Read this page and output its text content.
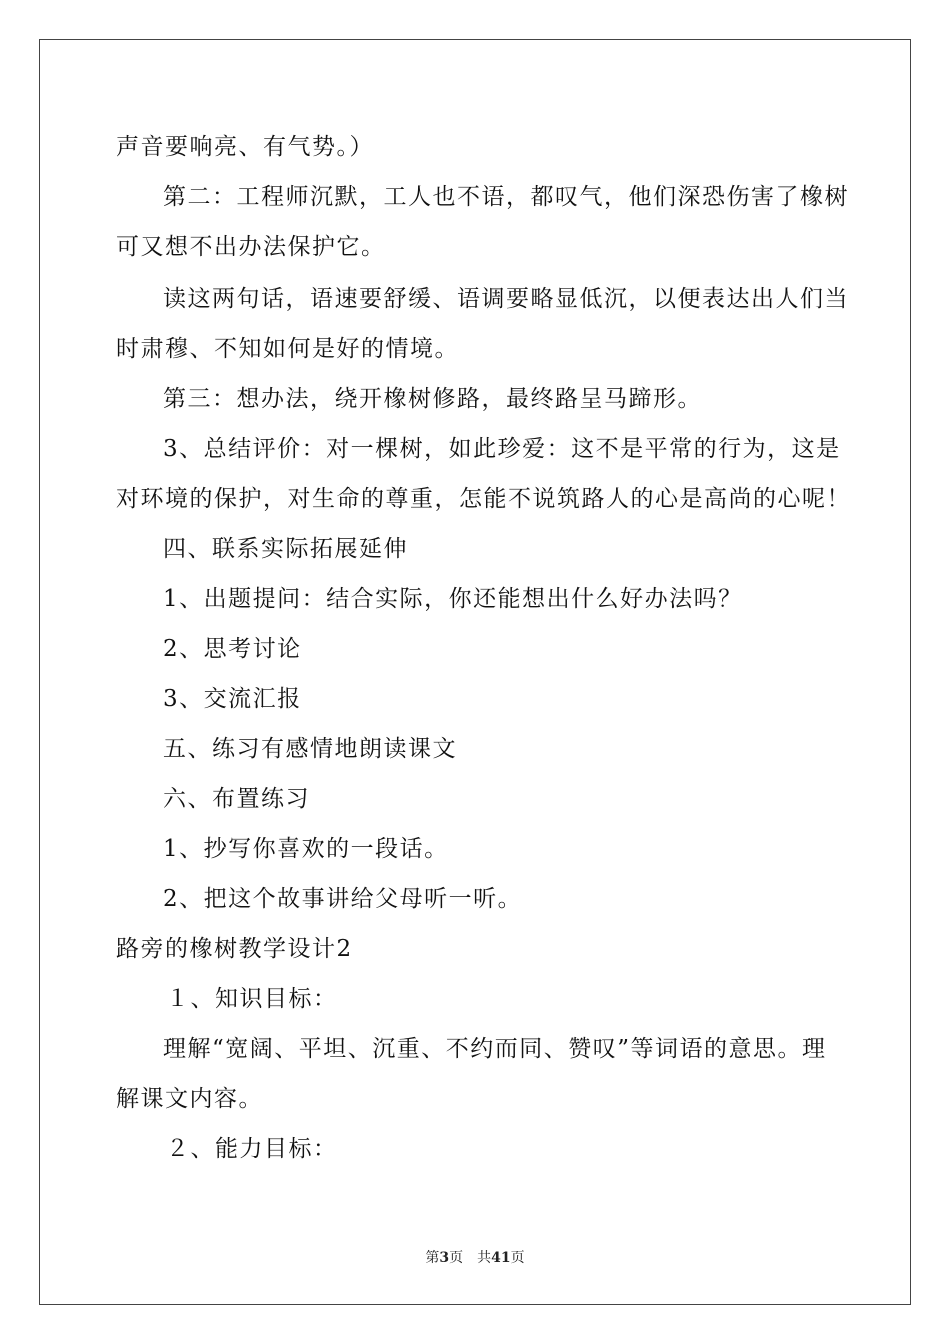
声音要响亮、有气势。）
第二：工程师沉默，工人也不语，都叹气，他们深恐伤害了橡树
可又想不出办法保护它。
读这两句话，语速要舒缓、语调要略显低沉，以便表达出人们当
时肃穆、不知如何是好的情境。
第三：想办法，绕开橡树修路，最终路呈马蹄形。
3、总结评价：对一棵树，如此珍爱：这不是平常的行为，这是
对环境的保护，对生命的尊重，怎能不说筑路人的心是高尚的心呢！
四、联系实际拓展延伸
1、出题提问：结合实际，你还能想出什么好办法吗？
2、思考讨论
3、交流汇报
五、练习有感情地朗读课文
六、布置练习
1、抄写你喜欢的一段话。
2、把这个故事讲给父母听一听。
路旁的橡树教学设计2
１、知识目标：
理解“宽阔、平坦、沉重、不约而同、赞叹”等词语的意思。理
解课文内容。
２、能力目标：
第3页　共41页
